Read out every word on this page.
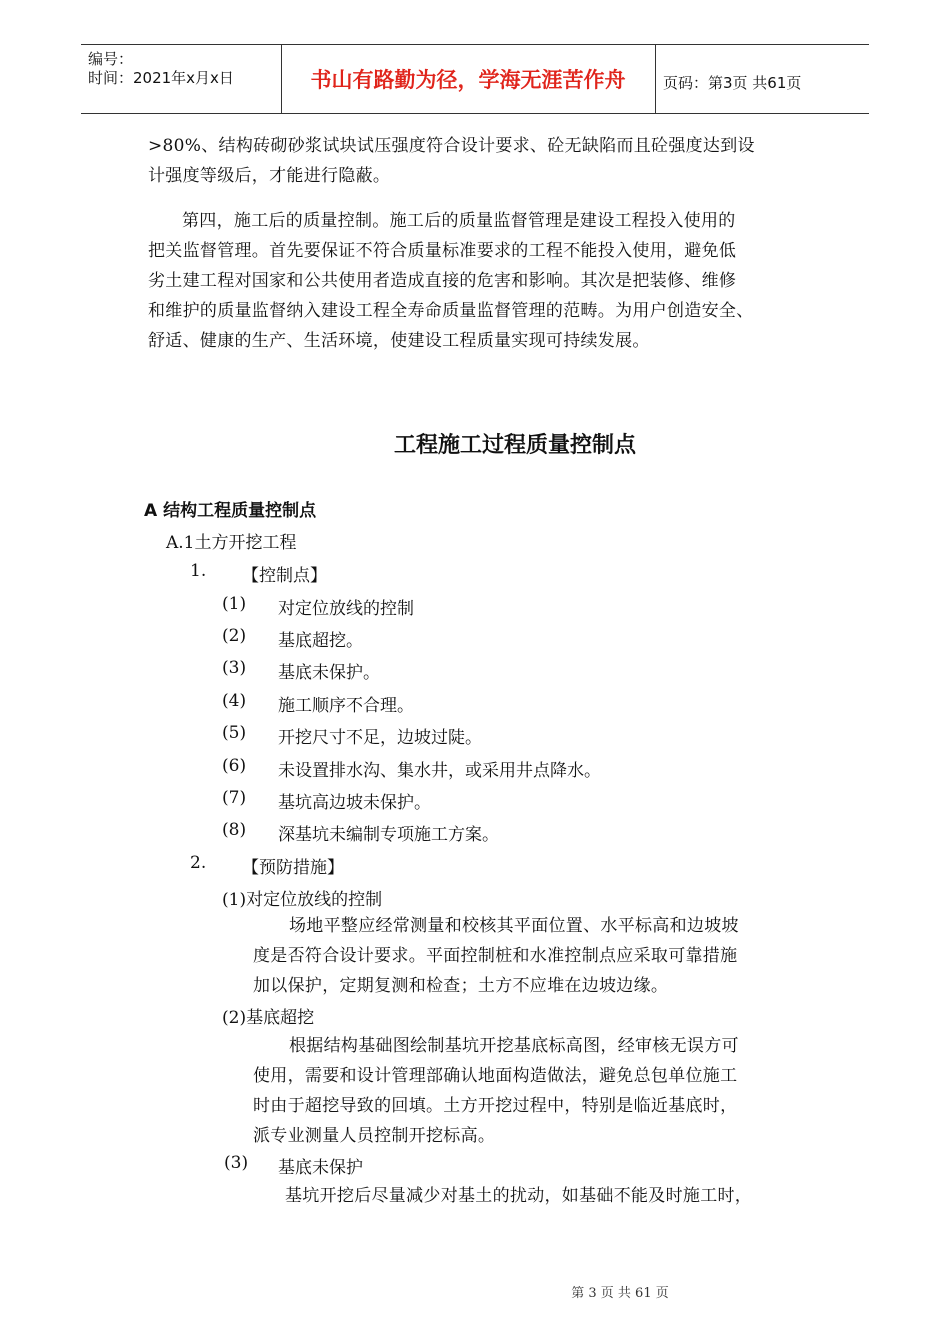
编号：
时间：2021年x月x日	书山有路勤为径，学海无涯苦作舟	页码：第3页 共61页
>80%、结构砖砌砂浆试块试压强度符合设计要求、砼无缺陷而且砼强度达到设
计强度等级后，才能进行隐蔽。
第四，施工后的质量控制。施工后的质量监督管理是建设工程投入使用的
把关监督管理。首先要保证不符合质量标准要求的工程不能投入使用，避免低
劣土建工程对国家和公共使用者造成直接的危害和影响。其次是把装修、维修
和维护的质量监督纳入建设工程全寿命质量监督管理的范畴。为用户创造安全、
舒适、健康的生产、生活环境，使建设工程质量实现可持续发展。
工程施工过程质量控制点
A 结构工程质量控制点
A.1土方开挖工程
1. 【控制点】
(1) 对定位放线的控制
(2) 基底超挖。
(3) 基底未保护。
(4) 施工顺序不合理。
(5) 开挖尺寸不足，边坡过陡。
(6) 未设置排水沟、集水井，或采用井点降水。
(7) 基坑高边坡未保护。
(8) 深基坑未编制专项施工方案。
2. 【预防措施】
(1)对定位放线的控制
场地平整应经常测量和校核其平面位置、水平标高和边坡坡
度是否符合设计要求。平面控制桩和水准控制点应采取可靠措施
加以保护，定期复测和检查；土方不应堆在边坡边缘。
(2)基底超挖
根据结构基础图绘制基坑开挖基底标高图，经审核无误方可
使用，需要和设计管理部确认地面构造做法，避免总包单位施工
时由于超挖导致的回填。土方开挖过程中，特别是临近基底时，
派专业测量人员控制开挖标高。
(3) 基底未保护
基坑开挖后尽量减少对基土的扰动，如基础不能及时施工时，
第 3 页 共 61 页
